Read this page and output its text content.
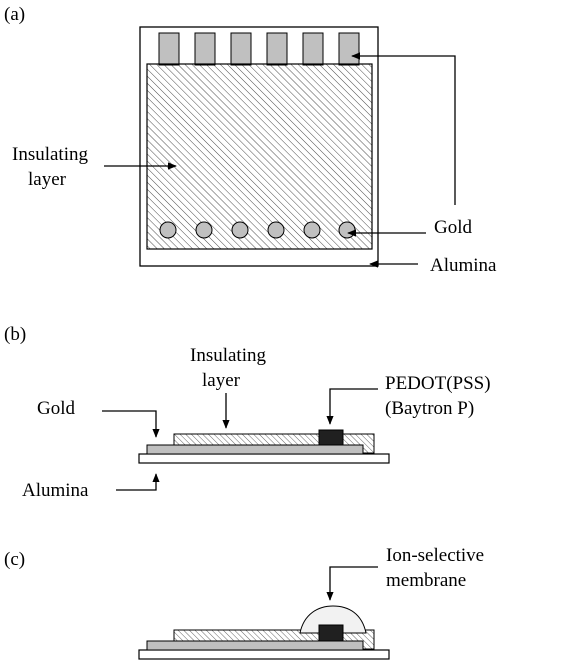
(a)
Insulating
layer
Gold
Alumina
(b)
Insulating
layer	PEDOT(PSS)
(Baytron P)
Gold
Alumina
(c)	Ion-selective
membrane
